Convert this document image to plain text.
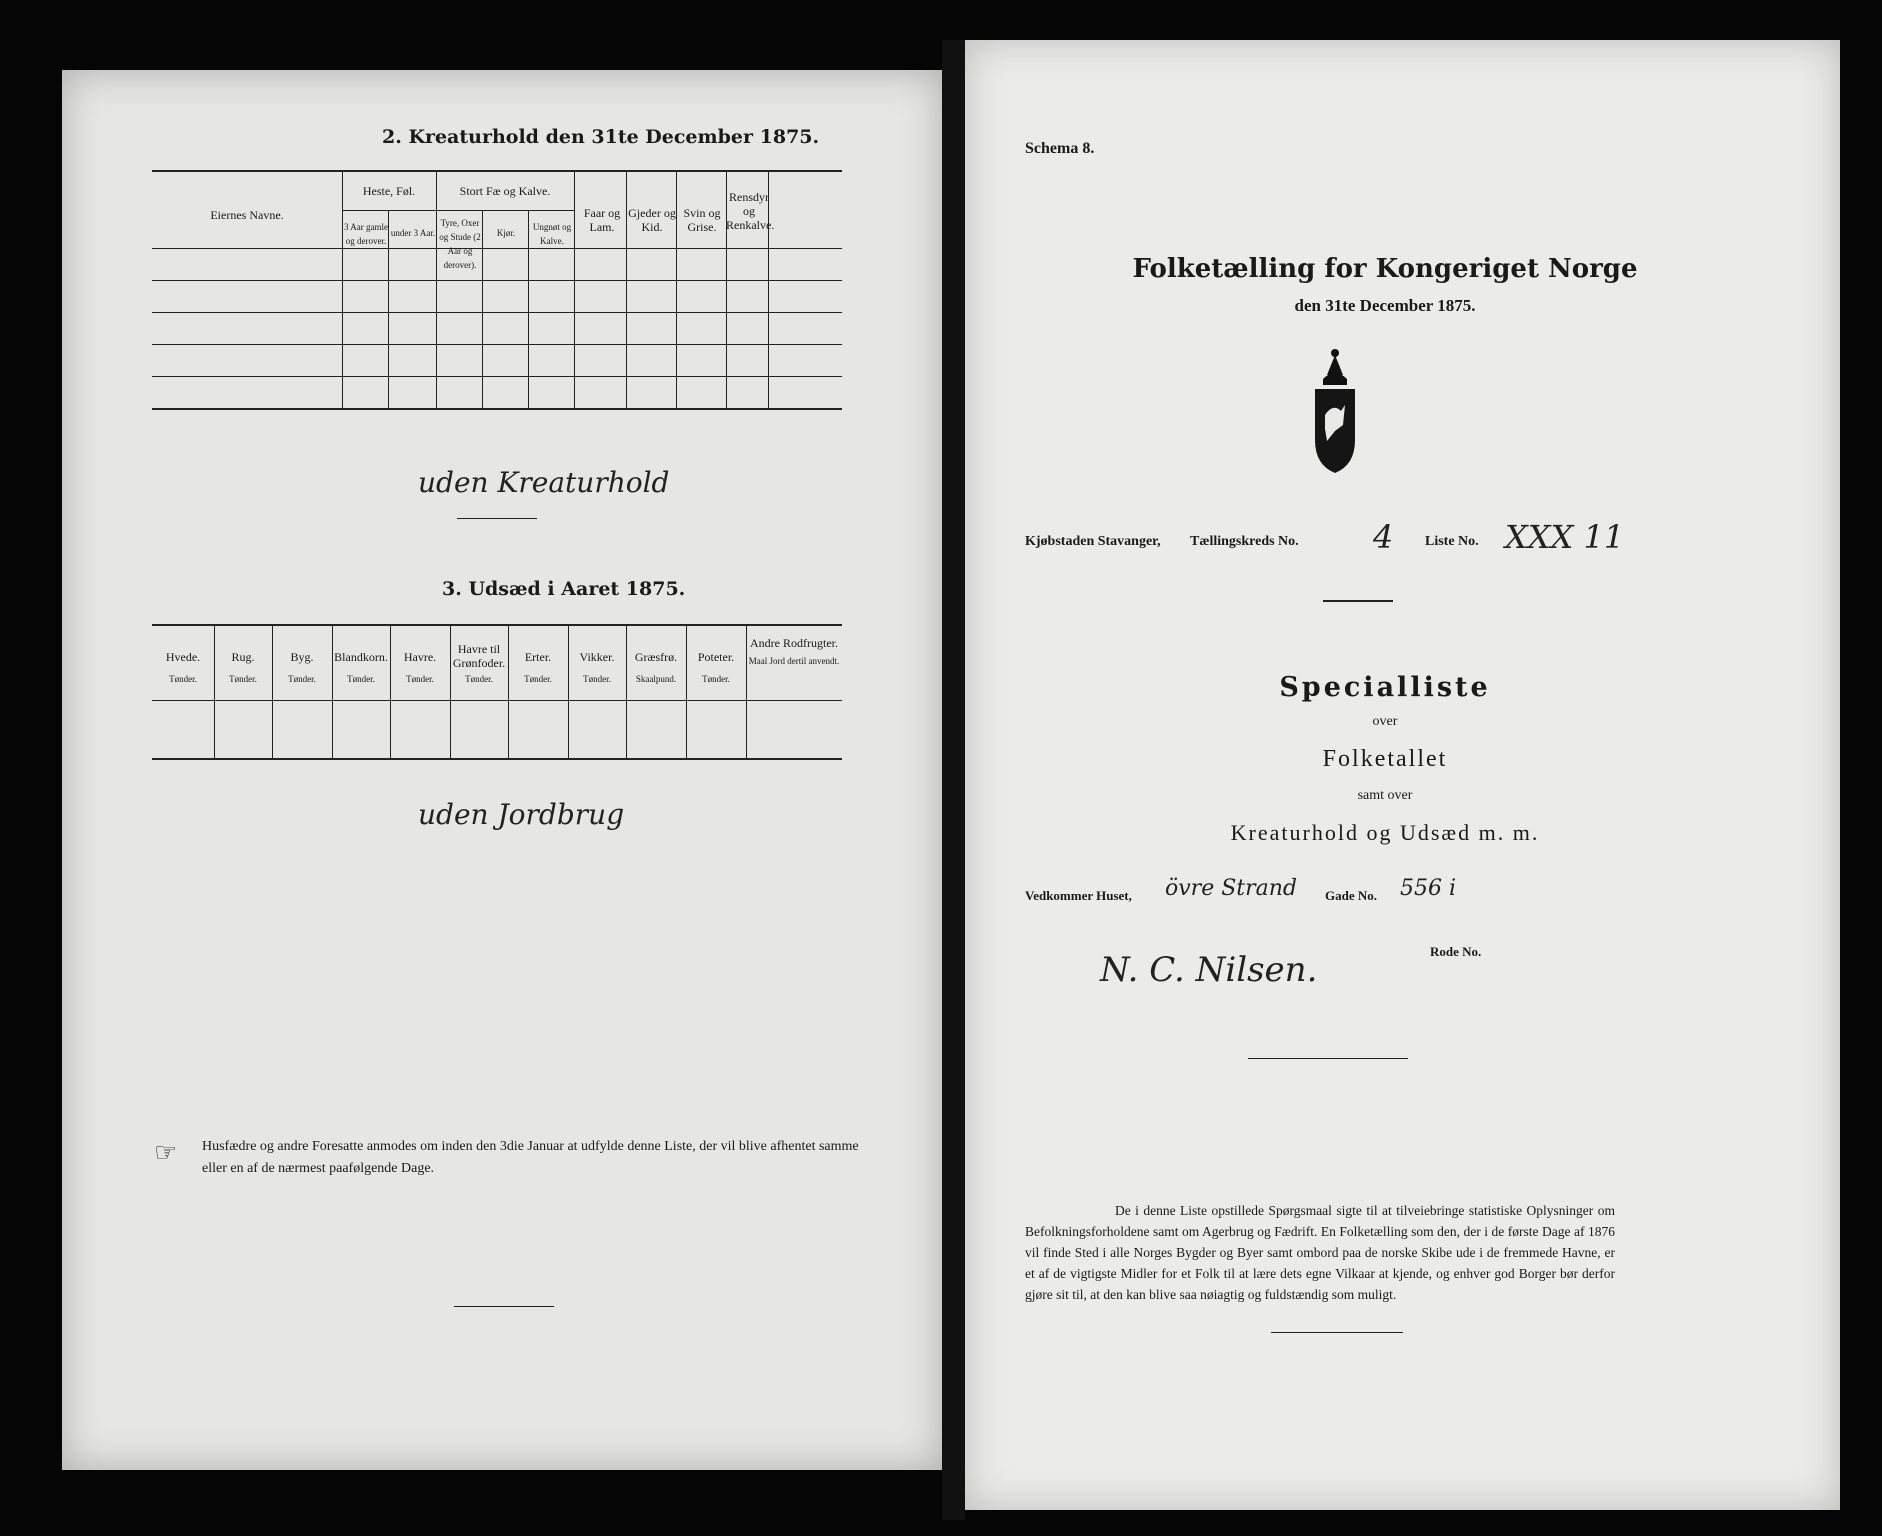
2. Kreaturhold den 31te December 1875.
Eiernes Navne.
Heste, Føl.
3 Aar gamle og derover.
under 3 Aar.
Stort Fæ og Kalve.
Tyre, Oxer og Stude (2 Aar og derover).
Kjør.
Ungnøt og Kalve.
Faar og Lam.
Gjeder og Kid.
Svin og Grise.
Rensdyr og Renkalve.
uden Kreaturhold
3. Udsæd i Aaret 1875.
Hvede.
Tønder.
Rug.
Tønder.
Byg.
Tønder.
Blandkorn.
Tønder.
Havre.
Tønder.
Havre til Grønfoder.
Tønder.
Erter.
Tønder.
Vikker.
Tønder.
Græsfrø.
Skaalpund.
Poteter.
Tønder.
Andre Rodfrugter.
Maal Jord dertil anvendt.
uden Jordbrug
☞ Husfædre og andre Foresatte anmodes om inden den 3die Januar at udfylde denne Liste, der vil blive afhentet samme eller en af de nærmest paafølgende Dage.
Schema 8.
Folketælling for Kongeriget Norge
den 31te December 1875.
Kjøbstaden Stavanger, Tællingskreds No. 4 Liste No. XXX 11
Specialliste
over
Folketallet
samt over
Kreaturhold og Udsæd m. m.
Vedkommer Huset, övre Strand Gade No. 556 i
N. C. Nilsen.	Rode No.
De i denne Liste opstillede Spørgsmaal sigte til at tilveiebringe statistiske Oplysninger om Befolkningsforholdene samt om Agerbrug og Fædrift. En Folketælling som den, der i de første Dage af 1876 vil finde Sted i alle Norges Bygder og Byer samt ombord paa de norske Skibe ude i de fremmede Havne, er et af de vigtigste Midler for et Folk til at lære dets egne Vilkaar at kjende, og enhver god Borger bør derfor gjøre sit til, at den kan blive saa nøiagtig og fuldstændig som muligt.
